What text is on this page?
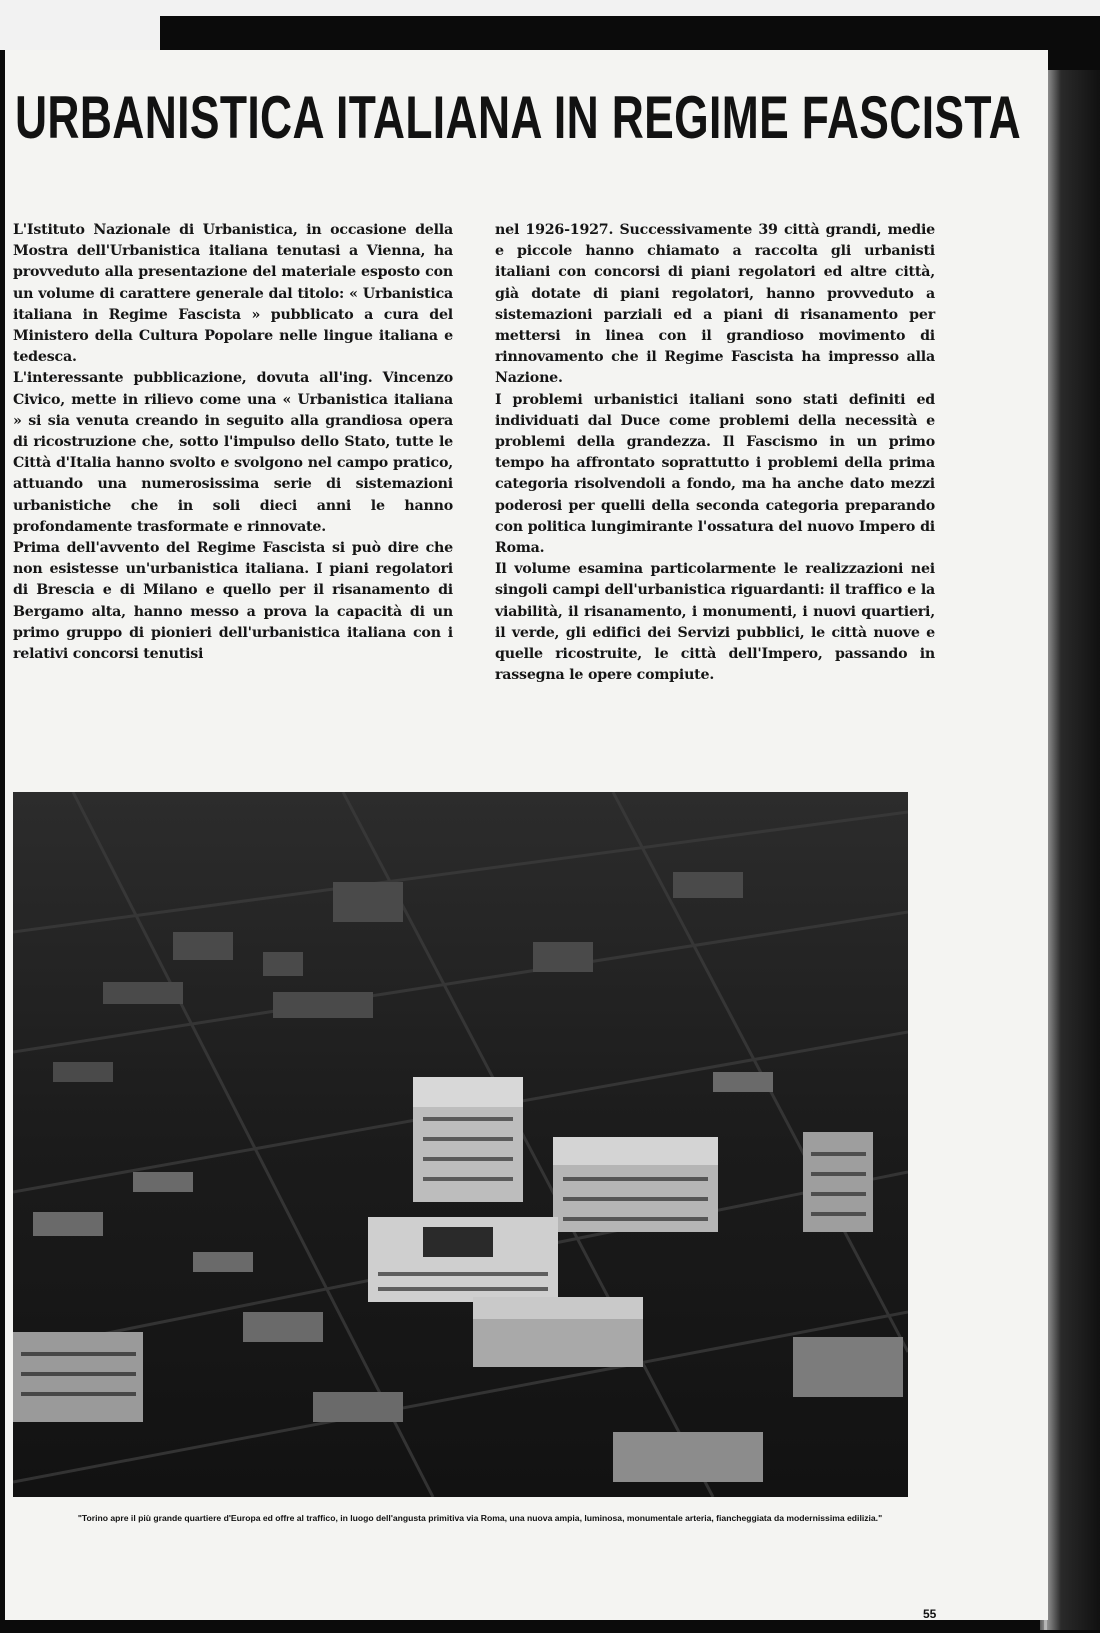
URBANISTICA ITALIANA IN REGIME FASCISTA

L'Istituto Nazionale di Urbanistica, in occasione della Mostra dell'Urbanistica italiana tenutasi a Vienna, ha provveduto alla presentazione del materiale esposto con un volume di carattere generale dal titolo: « Urbanistica italiana in Regime Fascista » pubblicato a cura del Ministero della Cultura Popolare nelle lingue italiana e tedesca.

L'interessante pubblicazione, dovuta all'ing. Vincenzo Civico, mette in rilievo come una « Urbanistica italiana » si sia venuta creando in seguito alla grandiosa opera di ricostruzione che, sotto l'impulso dello Stato, tutte le Città d'Italia hanno svolto e svolgono nel campo pratico, attuando una numerosissima serie di sistemazioni urbanistiche che in soli dieci anni le hanno profondamente trasformate e rinnovate.

Prima dell'avvento del Regime Fascista si può dire che non esistesse un'urbanistica italiana. I piani regolatori di Brescia e di Milano e quello per il risanamento di Bergamo alta, hanno messo a prova la capacità di un primo gruppo di pionieri dell'urbanistica italiana con i relativi concorsi tenutisi

nel 1926-1927. Successivamente 39 città grandi, medie e piccole hanno chiamato a raccolta gli urbanisti italiani con concorsi di piani regolatori ed altre città, già dotate di piani regolatori, hanno provveduto a sistemazioni parziali ed a piani di risanamento per mettersi in linea con il grandioso movimento di rinnovamento che il Regime Fascista ha impresso alla Nazione.

I problemi urbanistici italiani sono stati definiti ed individuati dal Duce come problemi della necessità e problemi della grandezza. Il Fascismo in un primo tempo ha affrontato soprattutto i problemi della prima categoria risolvendoli a fondo, ma ha anche dato mezzi poderosi per quelli della seconda categoria preparando con politica lungimirante l'ossatura del nuovo Impero di Roma.

Il volume esamina particolarmente le realizzazioni nei singoli campi dell'urbanistica riguardanti: il traffico e la viabilità, il risanamento, i monumenti, i nuovi quartieri, il verde, gli edifici dei Servizi pubblici, le città nuove e quelle ricostruite, le città dell'Impero, passando in rassegna le opere compiute.

"Torino apre il più grande quartiere d'Europa ed offre al traffico, in luogo dell'angusta primitiva via Roma, una nuova ampia, luminosa, monumentale arteria, fiancheggiata da modernissima edilizia."

55
